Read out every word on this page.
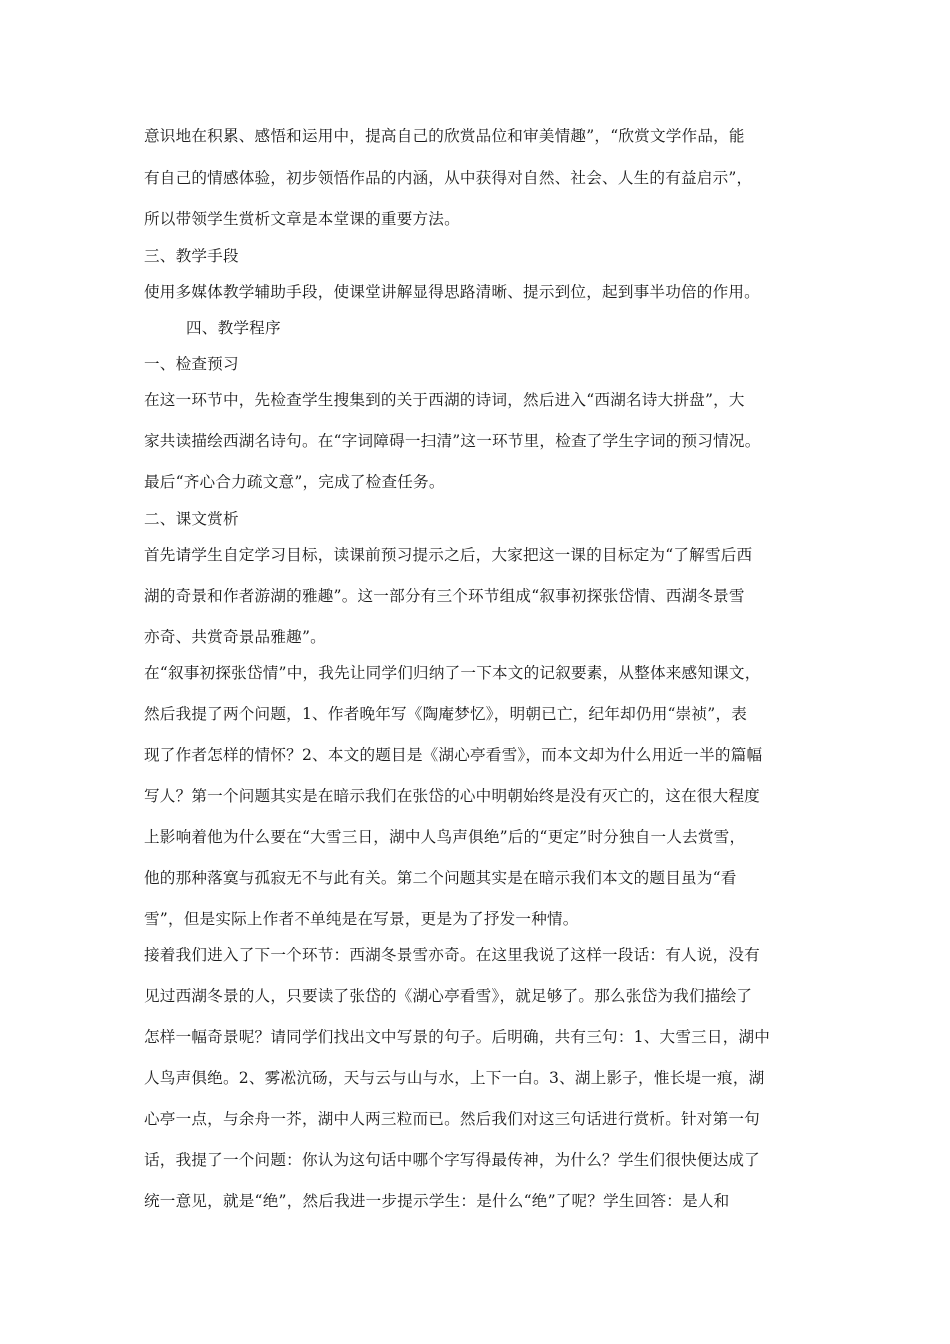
意识地在积累、感悟和运用中，提高自己的欣赏品位和审美情趣”，“欣赏文学作品，能
有自己的情感体验，初步领悟作品的内涵，从中获得对自然、社会、人生的有益启示”，
所以带领学生赏析文章是本堂课的重要方法。
三、教学手段
使用多媒体教学辅助手段，使课堂讲解显得思路清晰、提示到位，起到事半功倍的作用。
四、教学程序
一、检查预习
在这一环节中，先检查学生搜集到的关于西湖的诗词，然后进入“西湖名诗大拼盘”，大
家共读描绘西湖名诗句。在“字词障碍一扫清”这一环节里，检查了学生字词的预习情况。
最后“齐心合力疏文意”，完成了检查任务。
二、课文赏析
首先请学生自定学习目标，读课前预习提示之后，大家把这一课的目标定为“了解雪后西
湖的奇景和作者游湖的雅趣”。这一部分有三个环节组成“叙事初探张岱情、西湖冬景雪
亦奇、共赏奇景品雅趣”。
在“叙事初探张岱情”中，我先让同学们归纳了一下本文的记叙要素，从整体来感知课文，
然后我提了两个问题，1、作者晚年写《陶庵梦忆》，明朝已亡，纪年却仍用“崇祯”，表
现了作者怎样的情怀？2、本文的题目是《湖心亭看雪》，而本文却为什么用近一半的篇幅
写人？第一个问题其实是在暗示我们在张岱的心中明朝始终是没有灭亡的，这在很大程度
上影响着他为什么要在“大雪三日，湖中人鸟声俱绝”后的“更定”时分独自一人去赏雪，
他的那种落寞与孤寂无不与此有关。第二个问题其实是在暗示我们本文的题目虽为“看
雪”，但是实际上作者不单纯是在写景，更是为了抒发一种情。
接着我们进入了下一个环节：西湖冬景雪亦奇。在这里我说了这样一段话：有人说，没有
见过西湖冬景的人，只要读了张岱的《湖心亭看雪》，就足够了。那么张岱为我们描绘了
怎样一幅奇景呢？请同学们找出文中写景的句子。后明确，共有三句：1、大雪三日，湖中
人鸟声俱绝。2、雾凇沆砀，天与云与山与水，上下一白。3、湖上影子，惟长堤一痕，湖
心亭一点，与余舟一芥，湖中人两三粒而已。然后我们对这三句话进行赏析。针对第一句
话，我提了一个问题：你认为这句话中哪个字写得最传神，为什么？学生们很快便达成了
统一意见，就是“绝”，然后我进一步提示学生：是什么“绝”了呢？学生回答：是人和
